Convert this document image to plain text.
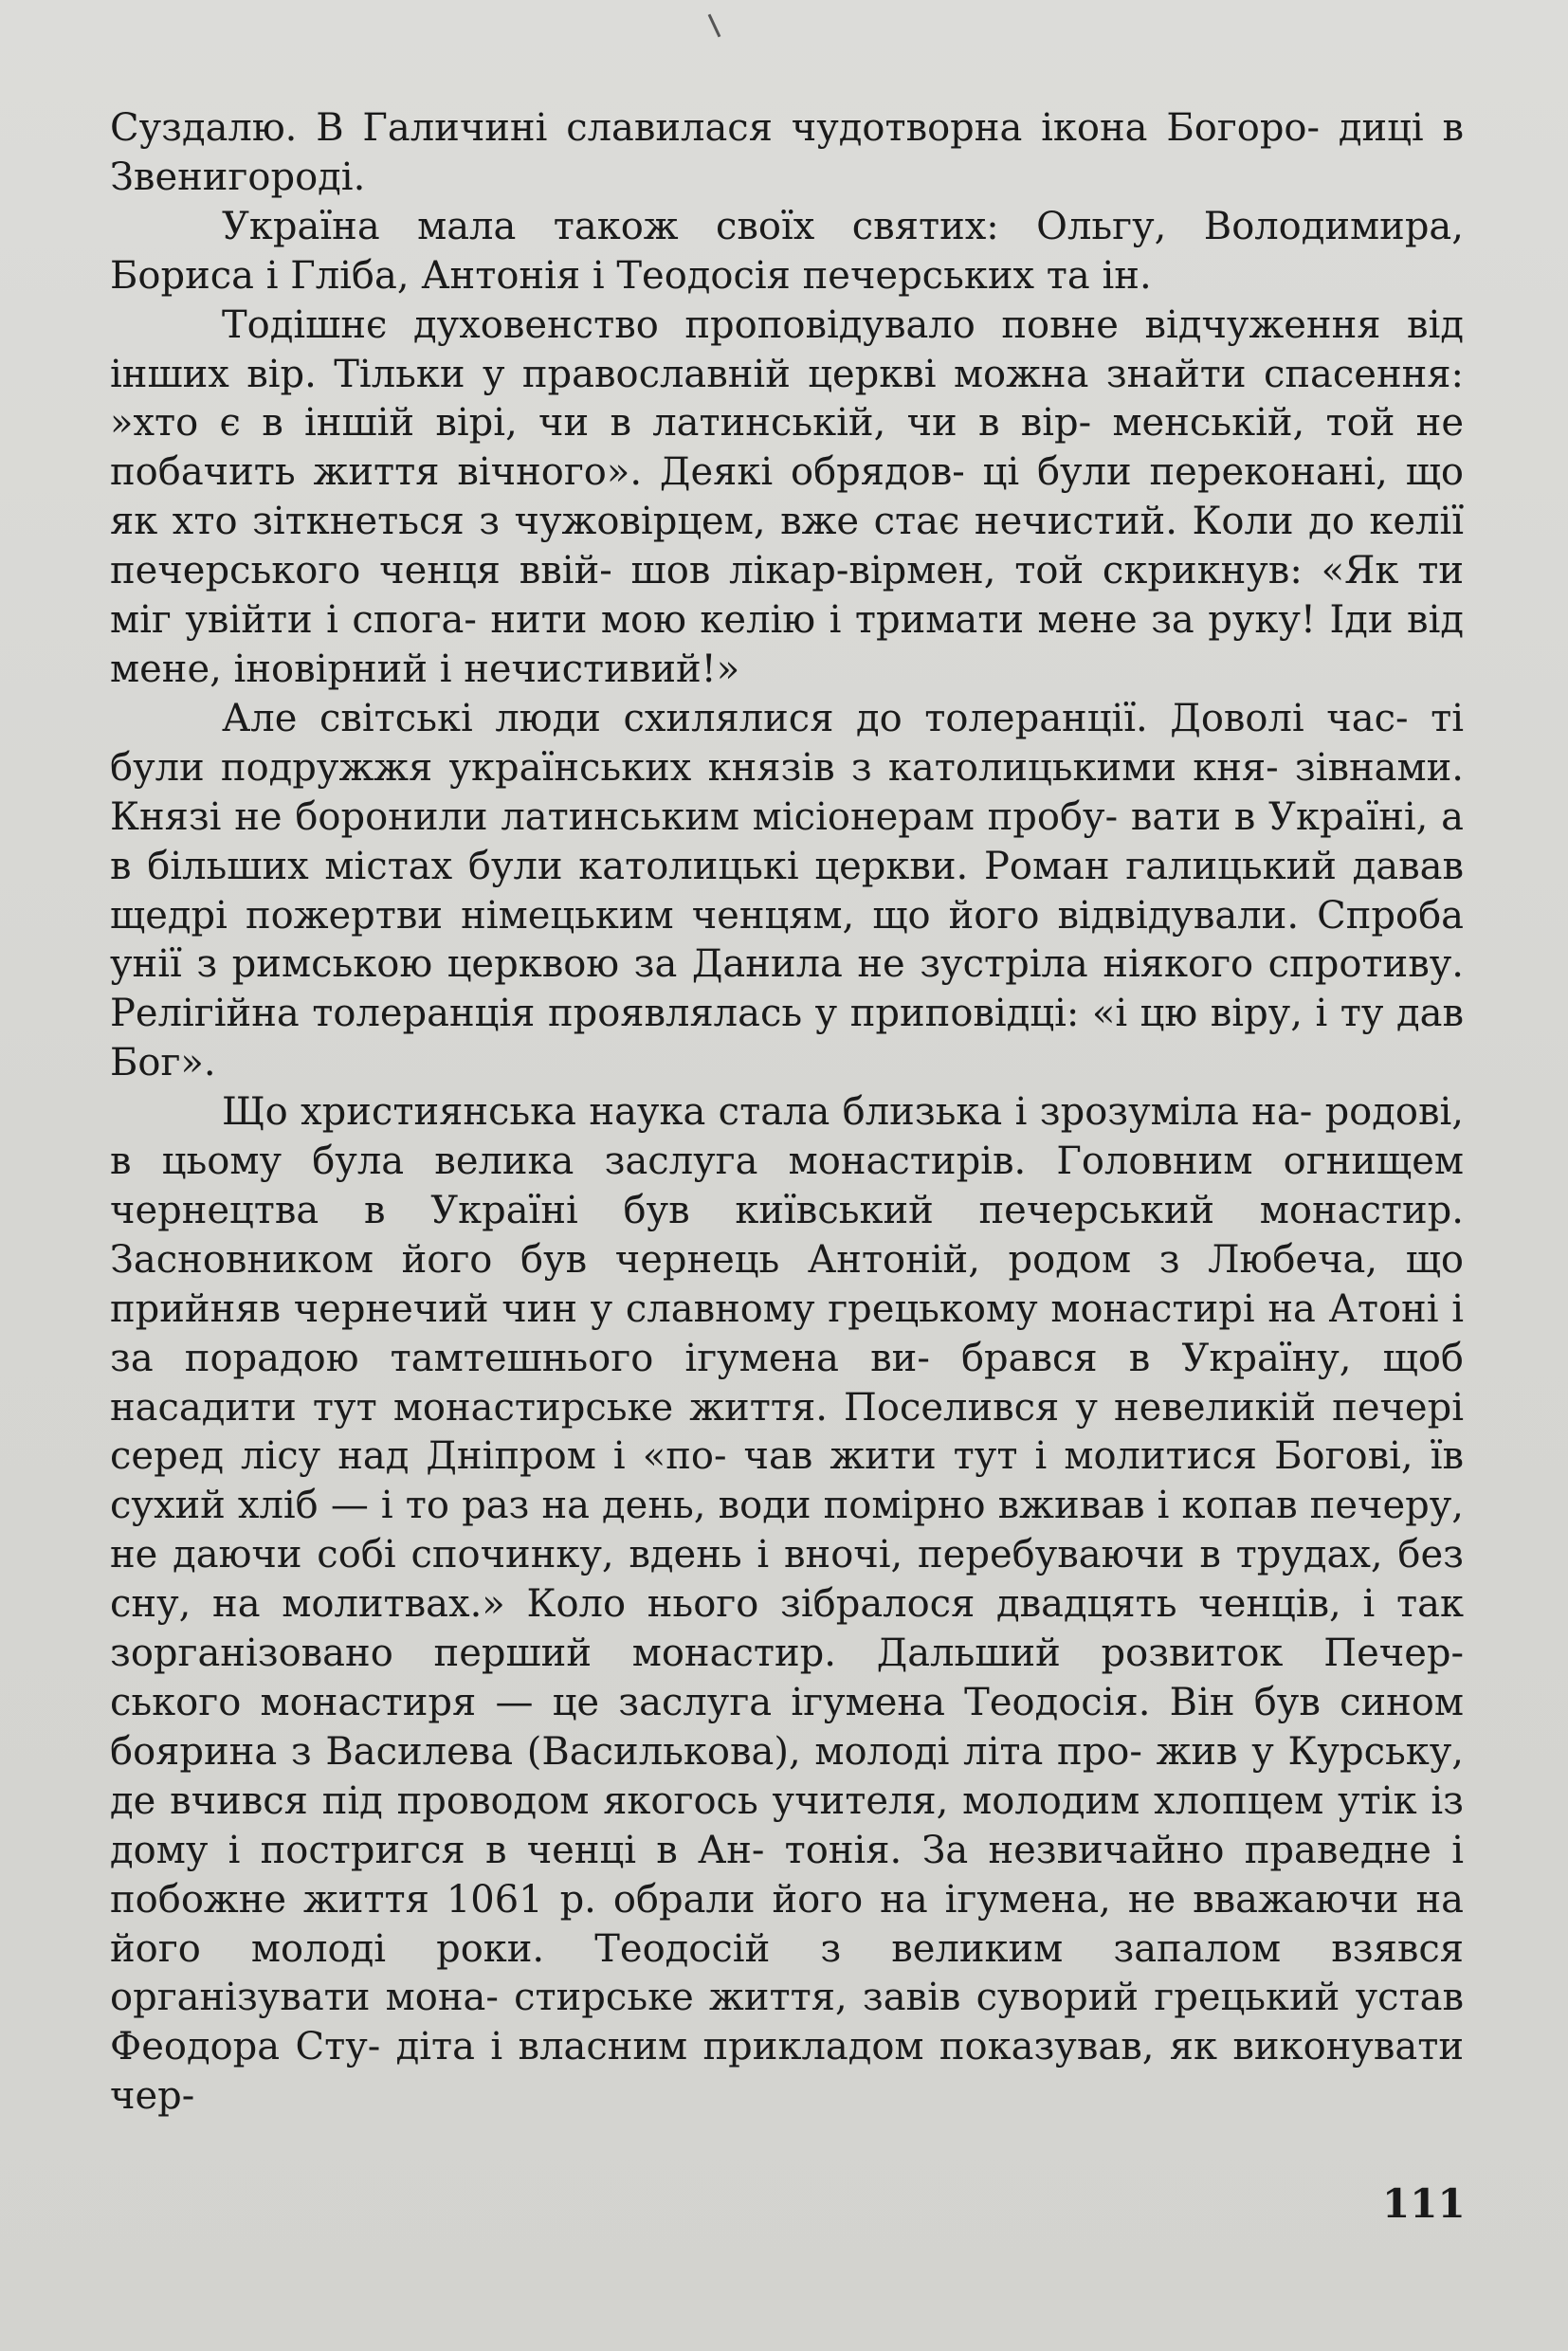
Суздалю. В Галичині славилася чудотворна ікона Богоро- диці в Звенигороді.

Україна мала також своїх святих: Ольгу, Володимира, Бориса і Гліба, Антонія і Теодосія печерських та ін.

Тодішнє духовенство проповідувало повне відчуження від інших вір. Тільки у православній церкві можна знайти спасення: »хто є в іншій вірі, чи в латинській, чи в вір- менській, той не побачить життя вічного». Деякі обрядов- ці були переконані, що як хто зіткнеться з чужовірцем, вже стає нечистий. Коли до келії печерського ченця ввій- шов лікар-вірмен, той скрикнув: «Як ти міг увійти і спога- нити мою келію і тримати мене за руку! Іди від мене, іновірний і нечистивий!»

Але світські люди схилялися до толеранції. Доволі час- ті були подружжя українських князів з католицькими кня- зівнами. Князі не боронили латинським місіонерам пробу- вати в Україні, а в більших містах були католицькі церкви. Роман галицький давав щедрі пожертви німецьким ченцям, що його відвідували. Спроба унії з римською церквою за Данила не зустріла ніякого спротиву. Релігійна толеранція проявлялась у приповідці: «і цю віру, і ту дав Бог».

Що християнська наука стала близька і зрозуміла на- родові, в цьому була велика заслуга монастирів. Головним огнищем чернецтва в Україні був київський печерський монастир. Засновником його був чернець Антоній, родом з Любеча, що прийняв чернечий чин у славному грецькому монастирі на Атоні і за порадою тамтешнього ігумена ви- брався в Україну, щоб насадити тут монастирське життя. Поселився у невеликій печері серед лісу над Дніпром і «по- чав жити тут і молитися Богові, їв сухий хліб — і то раз на день, води помірно вживав і копав печеру, не даючи собі спочинку, вдень і вночі, перебуваючи в трудах, без сну, на молитвах.» Коло нього зібралося двадцять ченців, і так зорганізовано перший монастир. Дальший розвиток Печер- ського монастиря — це заслуга ігумена Теодосія. Він був сином боярина з Василева (Василькова), молоді літа про- жив у Курську, де вчився під проводом якогось учителя, молодим хлопцем утік із дому і постригся в ченці в Ан- тонія. За незвичайно праведне і побожне життя 1061 р. обрали його на ігумена, не вважаючи на його молоді роки. Теодосій з великим запалом взявся організувати мона- стирське життя, завів суворий грецький устав Феодора Сту- діта і власним прикладом показував, як виконувати чер-

111
